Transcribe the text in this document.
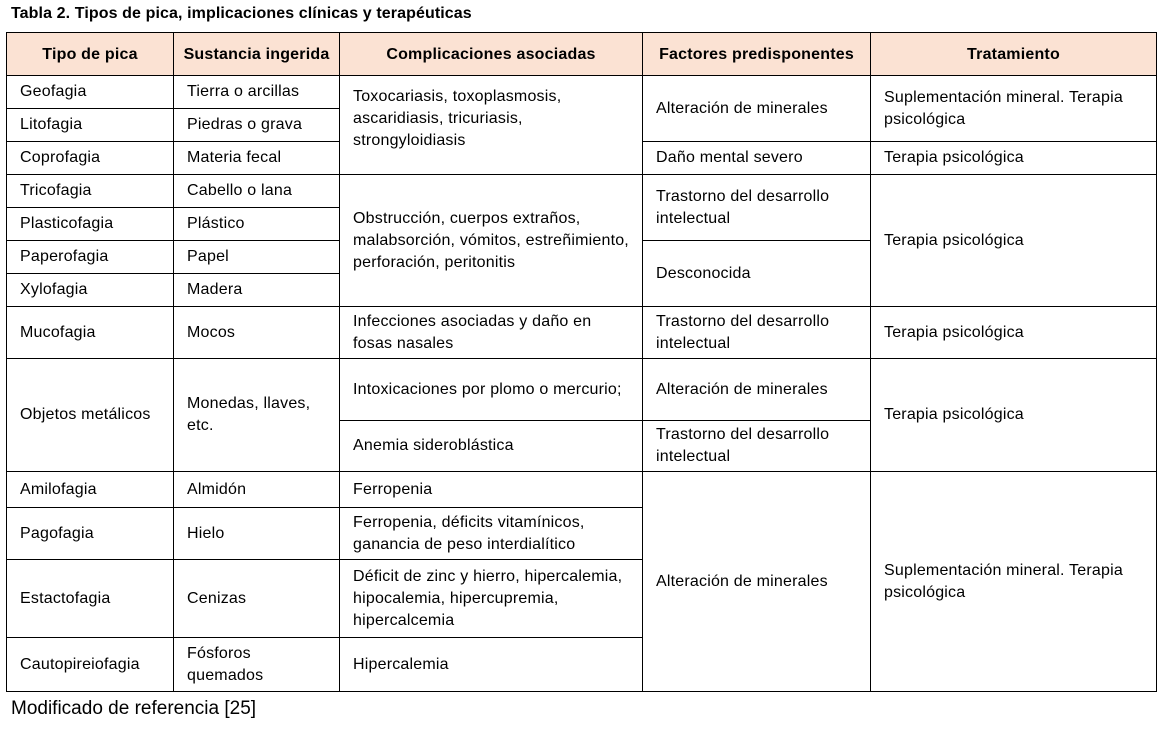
Tabla 2. Tipos de pica, implicaciones clínicas y terapéuticas
Tipo de pica	Sustancia ingerida	Complicaciones asociadas	Factores predisponentes	Tratamiento
Geofagia	Tierra o arcillas	Toxocariasis, toxoplasmosis, ascaridiasis, tricuriasis, strongyloidiasis	Alteración de minerales	Suplementación mineral. Terapia psicológica
Litofagia	Piedras o grava			
Coprofagia	Materia fecal		Daño mental severo	Terapia psicológica
Tricofagia	Cabello o lana	Obstrucción, cuerpos extraños, malabsorción, vómitos, estreñimiento, perforación, peritonitis	Trastorno del desarrollo intelectual	Terapia psicológica
Plasticofagia	Plástico			
Paperofagia	Papel		Desconocida	
Xylofagia	Madera			
Mucofagia	Mocos	Infecciones asociadas y daño en fosas nasales	Trastorno del desarrollo intelectual	Terapia psicológica
Objetos metálicos	Monedas, llaves, etc.	Intoxicaciones por plomo o mercurio;	Alteración de minerales	Terapia psicológica
		Anemia sideroblástica	Trastorno del desarrollo intelectual	
Amilofagia	Almidón	Ferropenia	Alteración de minerales	Suplementación mineral. Terapia psicológica
Pagofagia	Hielo	Ferropenia, déficits vitamínicos, ganancia de peso interdialítico		
Estactofagia	Cenizas	Déficit de zinc y hierro, hipercalemia, hipocalemia, hipercupremia, hipercalcemia		
Cautopireiofagia	Fósforos quemados	Hipercalemia		
Modificado de referencia [25]
